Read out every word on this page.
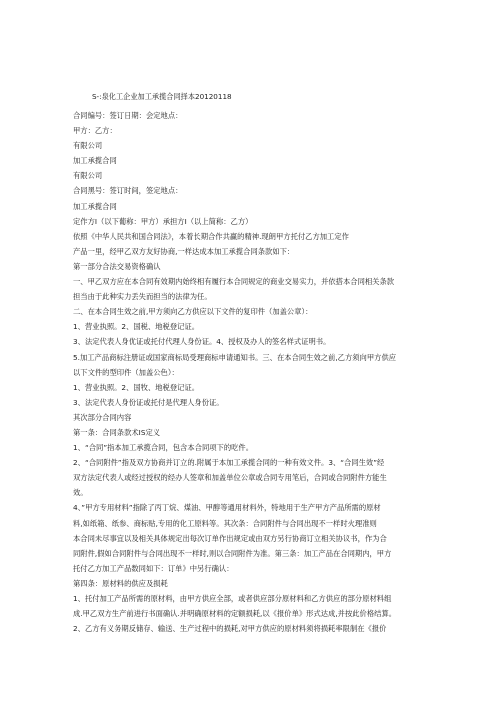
S-:泉化工企业加工承揽合同择本20120118
合同编号：签订日期：会定地点：
甲方：乙方：
有限公司
加工承揽合同
有限公司
合同黑号：签订时间，签定地点：
加工承揽合同
定作方I（以下葡称：甲方）承担方I（以上简称：乙方）
依照《中华人民共和国合同法》，本着长期合作共赢的精神.现朗甲方托付乙方加工定作
产品一里，经甲乙双方友好协商,一样达成本加工承揽合同条款如下：
第一部分合法交易资格确认
一、甲乙双方应在本合同有效期内始终相有履行本合同规定的商业交易实力，并依搭本合同相关条款
担当由于此种实力丢失而担当的法律为任。
二、在本合同生效之前,甲方须向乙方供应以下文件的复印件（加盖公章）：
1、营业执照。2、国税、地税登记证。
3、法定代表人身优证或托付代理人身份证。4、授权及办人的签名样式证明书。
5.加工产品商标注册证或国家商标局受理商标申请通知书。三、在本合同生效之前,乙方须向甲方供应
以下文件的型印件（加盖公色）：
1、营业执照。2、国牧、地税登记证。
3、法定代表人身份证或托付是代理人身份证。
其次部分合同内容
第一条：合同条款术IS定义
1、“合同”指本加工承揽合同，包含本合同项下的吃件。
2、“合同附件”指及双方协商并订立的.附属于本加工承揽合同的一种有效文件。3、“合同生效”经
双方法定代表人或经过授权的经办人签章和加盖单位公章或合同专用笔后，合同或合同附件方能生
效。
4、”甲方专用材料”指除了丙丁烷、煤油、甲醇等通用材料外，特地用于生产甲方产品所需的原材
料,如纸箱、纸参、商标贴,专用的化工原料等。其次条：合同附件与合同出现不一样时火理准则
本合同未尽事宜以及相关具体规定出每次订单作出规定或由双方另行协商订立相关协议书，作为合
同附件,假如合同附件与合同出现不一样时,则以合同附件为准。第三条：加工产品在合同期内，甲方
托付乙方加工产品数同如下：订单》中另行确认：
第四条：原材料的供应及损耗
1、托付加工产品所需的原材料，由甲方供应全部，或者供应部分原材料和乙方供应的部分原材料组
成.甲乙双方生产前进行书面确认.并明确原材料的定额损耗,以《报价单》形式达成,并按此价格结算。
2、乙方有义务期反储存、输送、生产过程中的损耗,对甲方供应的原材料须将损耗率限制在《报价
